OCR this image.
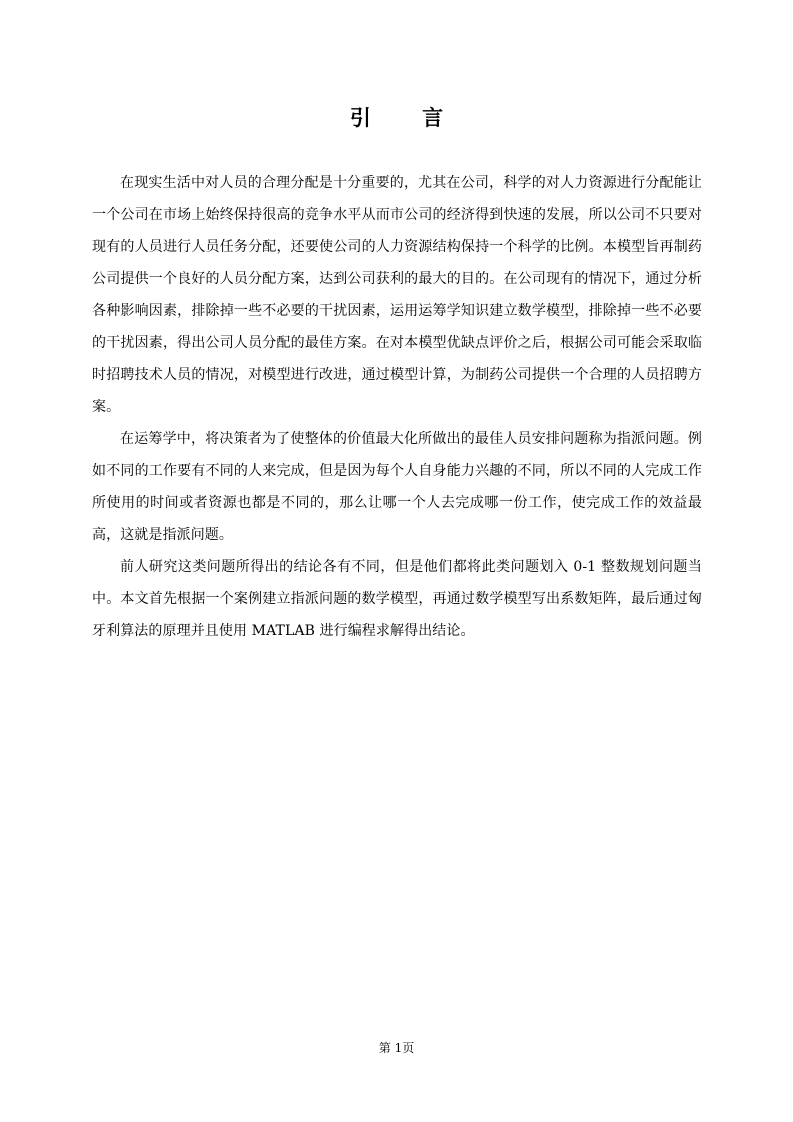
引 言

在现实生活中对人员的合理分配是十分重要的，尤其在公司，科学的对人力资源进行分配能让一个公司在市场上始终保持很高的竞争水平从而市公司的经济得到快速的发展，所以公司不只要对现有的人员进行人员任务分配，还要使公司的人力资源结构保持一个科学的比例。本模型旨再制药公司提供一个良好的人员分配方案，达到公司获利的最大的目的。在公司现有的情况下，通过分析各种影响因素，排除掉一些不必要的干扰因素，运用运筹学知识建立数学模型，排除掉一些不必要的干扰因素，得出公司人员分配的最佳方案。在对本模型优缺点评价之后，根据公司可能会采取临时招聘技术人员的情况，对模型进行改进，通过模型计算，为制药公司提供一个合理的人员招聘方案。

在运筹学中，将决策者为了使整体的价值最大化所做出的最佳人员安排问题称为指派问题。例如不同的工作要有不同的人来完成，但是因为每个人自身能力兴趣的不同，所以不同的人完成工作所使用的时间或者资源也都是不同的，那么让哪一个人去完成哪一份工作，使完成工作的效益最高，这就是指派问题。

前人研究这类问题所得出的结论各有不同，但是他们都将此类问题划入 0-1 整数规划问题当中。本文首先根据一个案例建立指派问题的数学模型，再通过数学模型写出系数矩阵，最后通过匈牙利算法的原理并且使用 MATLAB 进行编程求解得出结论。

第 1页
